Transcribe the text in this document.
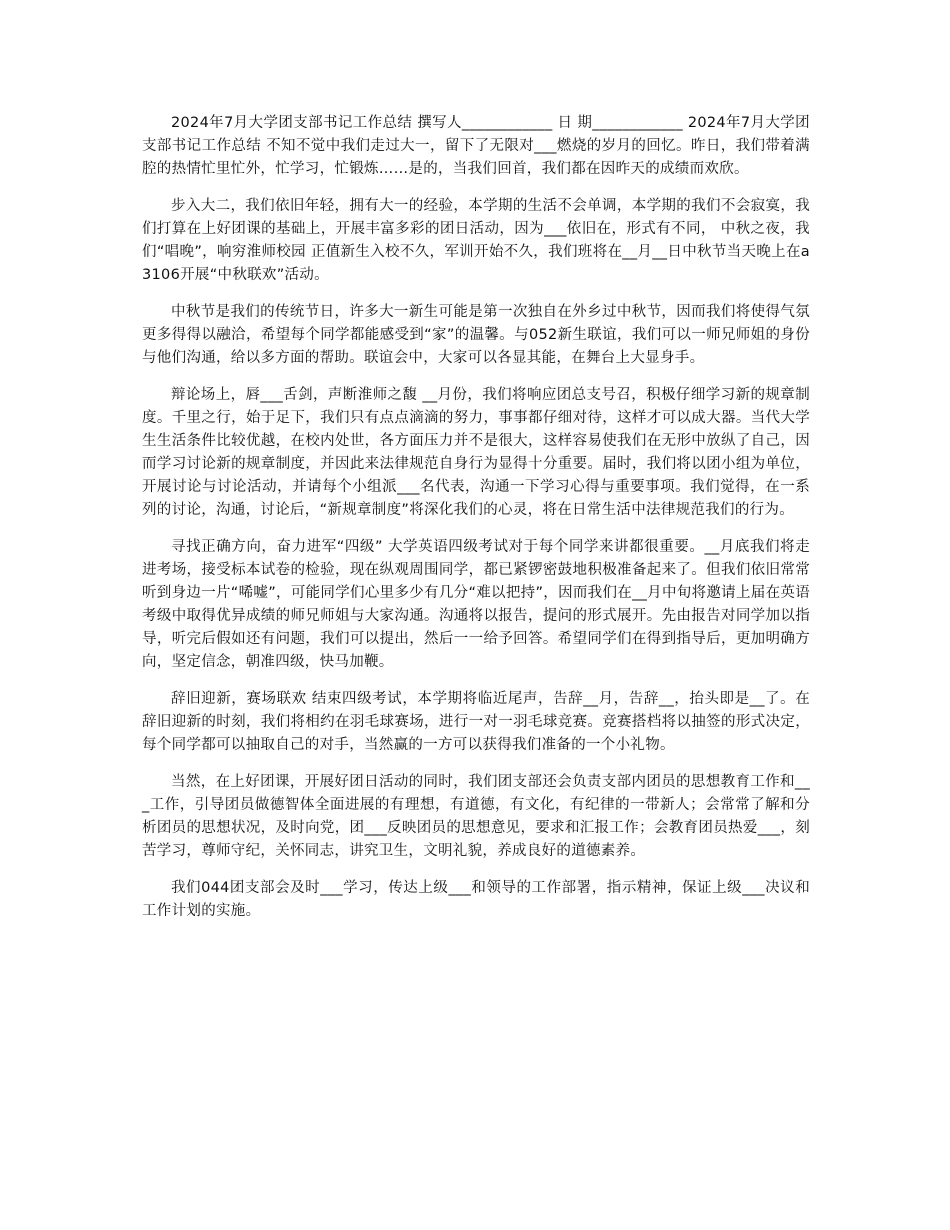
2024年7月大学团支部书记工作总结 撰写人____________ 日 期____________ 2024年7月大学团支部书记工作总结 不知不觉中我们走过大一，留下了无限对___燃烧的岁月的回忆。昨日，我们带着满腔的热情忙里忙外，忙学习，忙锻炼……是的，当我们回首，我们都在因昨天的成绩而欢欣。

步入大二，我们依旧年轻，拥有大一的经验，本学期的生活不会单调，本学期的我们不会寂寞，我们打算在上好团课的基础上，开展丰富多彩的团日活动，因为___依旧在，形式有不同， 中秋之夜，我们“唱晚”，响穷淮师校园 正值新生入校不久，军训开始不久，我们班将在__月__日中秋节当天晚上在a3106开展“中秋联欢”活动。

中秋节是我们的传统节日，许多大一新生可能是第一次独自在外乡过中秋节，因而我们将使得气氛更多得得以融洽，希望每个同学都能感受到“家”的温馨。与052新生联谊，我们可以一师兄师姐的身份与他们沟通，给以多方面的帮助。联谊会中，大家可以各显其能，在舞台上大显身手。

辩论场上，唇___舌剑，声断淮师之馥 __月份，我们将响应团总支号召，积极仔细学习新的规章制度。千里之行，始于足下，我们只有点点滴滴的努力，事事都仔细对待，这样才可以成大器。当代大学生生活条件比较优越，在校内处世，各方面压力并不是很大，这样容易使我们在无形中放纵了自己，因而学习讨论新的规章制度，并因此来法律规范自身行为显得十分重要。届时，我们将以团小组为单位，开展讨论与讨论活动，并请每个小组派___名代表，沟通一下学习心得与重要事项。我们觉得，在一系列的讨论，沟通，讨论后，“新规章制度”将深化我们的心灵，将在日常生活中法律规范我们的行为。

寻找正确方向，奋力进军“四级” 大学英语四级考试对于每个同学来讲都很重要。__月底我们将走进考场，接受标本试卷的检验，现在纵观周围同学，都已紧锣密鼓地积极准备起来了。但我们依旧常常听到身边一片“唏嘘”，可能同学们心里多少有几分“难以把持”，因而我们在__月中旬将邀请上届在英语考级中取得优异成绩的师兄师姐与大家沟通。沟通将以报告，提问的形式展开。先由报告对同学加以指导，听完后假如还有问题，我们可以提出，然后一一给予回答。希望同学们在得到指导后，更加明确方向，坚定信念，朝准四级，快马加鞭。

辞旧迎新，赛场联欢 结束四级考试，本学期将临近尾声，告辞__月，告辞__，抬头即是__了。在辞旧迎新的时刻，我们将相约在羽毛球赛场，进行一对一羽毛球竞赛。竞赛搭档将以抽签的形式决定，每个同学都可以抽取自己的对手，当然赢的一方可以获得我们准备的一个小礼物。

当然，在上好团课，开展好团日活动的同时，我们团支部还会负责支部内团员的思想教育工作和___工作，引导团员做德智体全面进展的有理想，有道德，有文化，有纪律的一带新人；会常常了解和分析团员的思想状况，及时向党，团___反映团员的思想意见，要求和汇报工作；会教育团员热爱___，刻苦学习，尊师守纪，关怀同志，讲究卫生，文明礼貌，养成良好的道德素养。

我们044团支部会及时___学习，传达上级___和领导的工作部署，指示精神，保证上级___决议和工作计划的实施。
